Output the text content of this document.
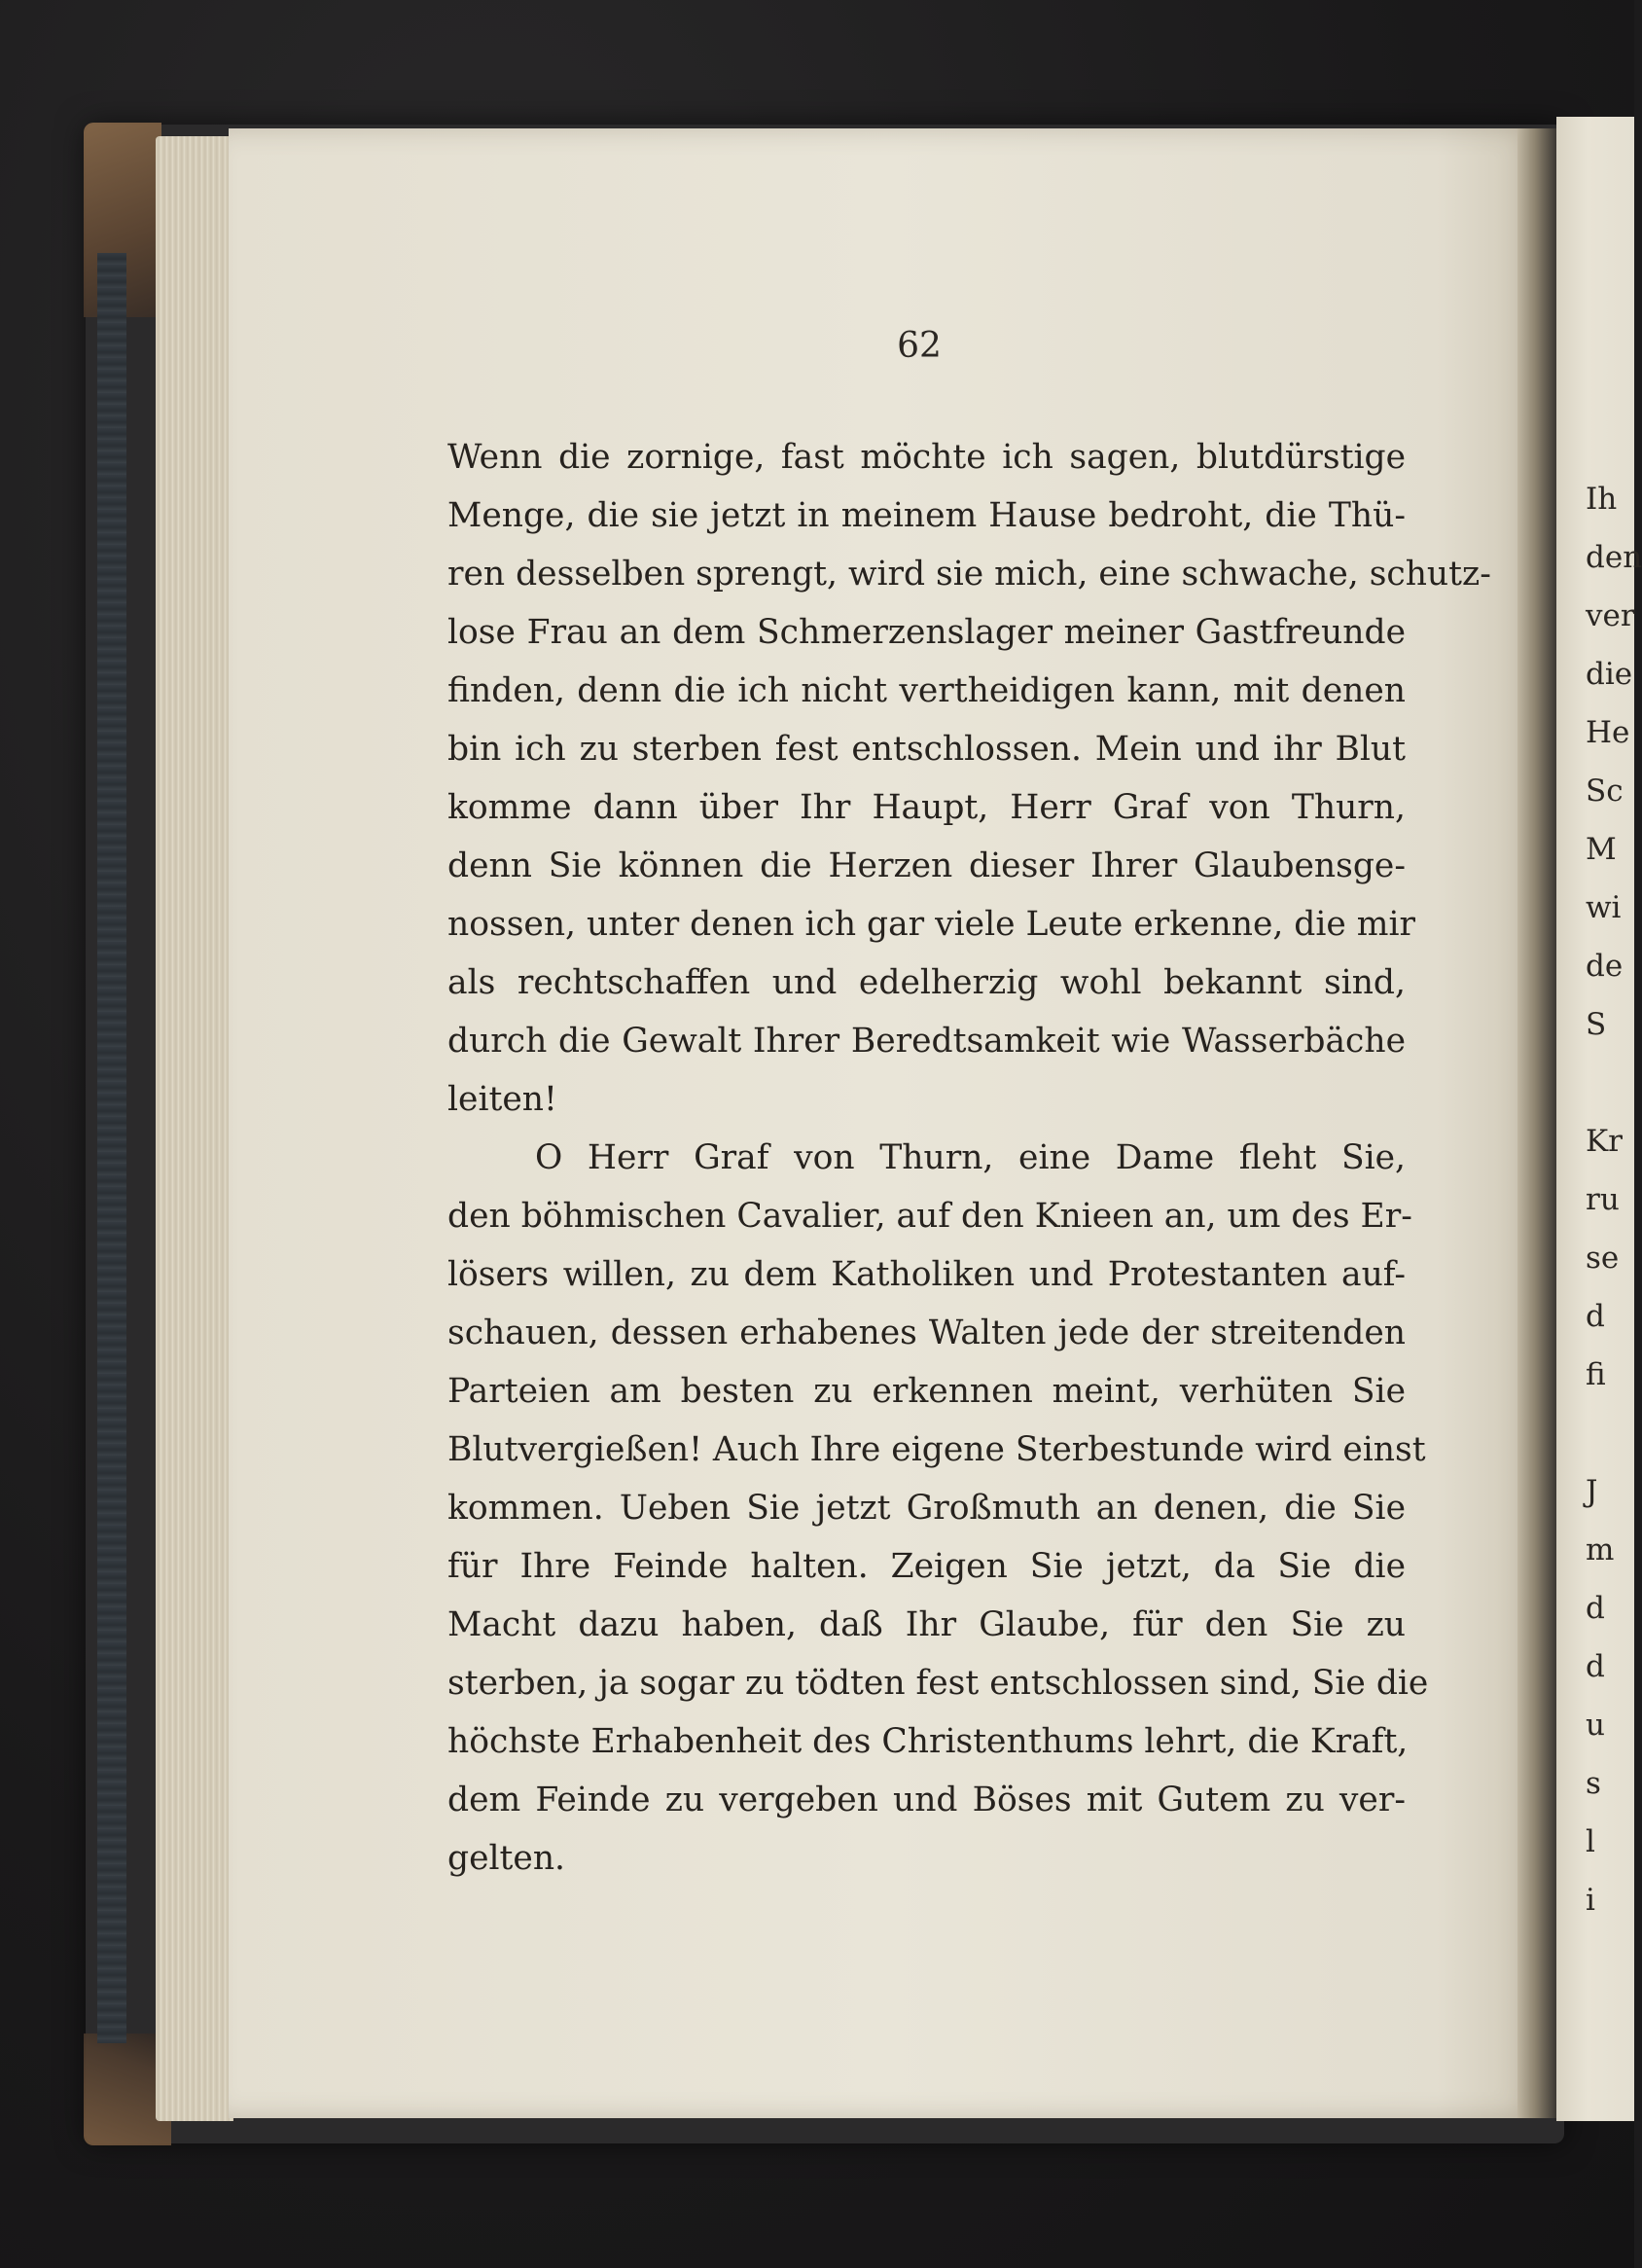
Ih
den
ver
die
He
Sc
M
wi
de
S
Kr
ru
se
d
fi
J
m
d
d
u
s
l
i
62
Wenn die zornige, fast möchte ich sagen, blutdürstige
Menge, die sie jetzt in meinem Hause bedroht, die Thü-
ren desselben sprengt, wird sie mich, eine schwache, schutz-
lose Frau an dem Schmerzenslager meiner Gastfreunde
finden, denn die ich nicht vertheidigen kann, mit denen
bin ich zu sterben fest entschlossen. Mein und ihr Blut
komme dann über Ihr Haupt, Herr Graf von Thurn,
denn Sie können die Herzen dieser Ihrer Glaubensge-
nossen, unter denen ich gar viele Leute erkenne, die mir
als rechtschaffen und edelherzig wohl bekannt sind,
durch die Gewalt Ihrer Beredtsamkeit wie Wasserbäche
leiten!
O Herr Graf von Thurn, eine Dame fleht Sie,
den böhmischen Cavalier, auf den Knieen an, um des Er-
lösers willen, zu dem Katholiken und Protestanten auf-
schauen, dessen erhabenes Walten jede der streitenden
Parteien am besten zu erkennen meint, verhüten Sie
Blutvergießen! Auch Ihre eigene Sterbestunde wird einst
kommen. Ueben Sie jetzt Großmuth an denen, die Sie
für Ihre Feinde halten. Zeigen Sie jetzt, da Sie die
Macht dazu haben, daß Ihr Glaube, für den Sie zu
sterben, ja sogar zu tödten fest entschlossen sind, Sie die
höchste Erhabenheit des Christenthums lehrt, die Kraft,
dem Feinde zu vergeben und Böses mit Gutem zu ver-
gelten.
